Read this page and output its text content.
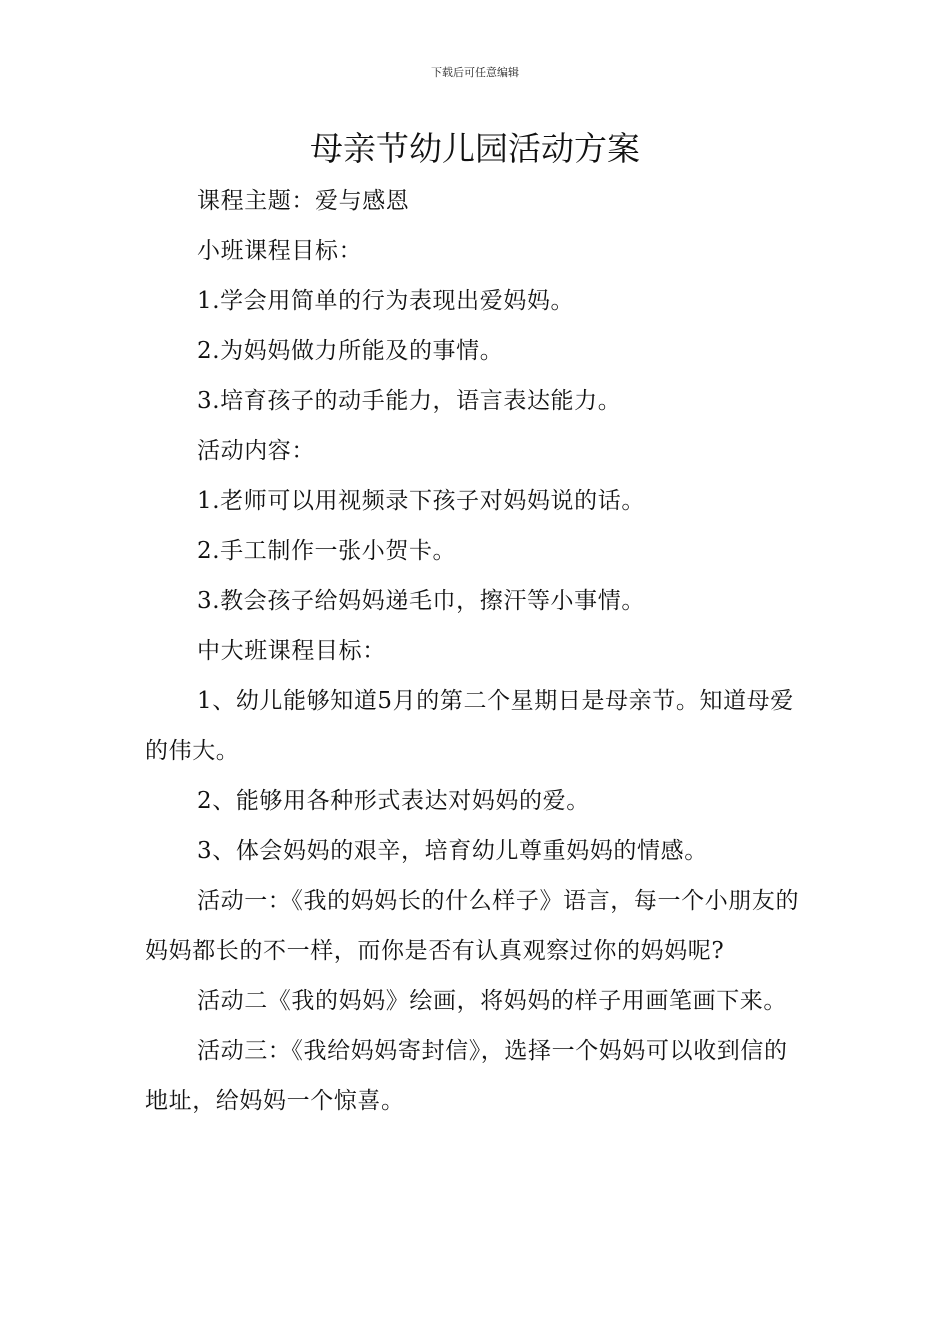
下载后可任意编辑
母亲节幼儿园活动方案

课程主题：爱与感恩

小班课程目标：

1.学会用简单的行为表现出爱妈妈。

2.为妈妈做力所能及的事情。

3.培育孩子的动手能力，语言表达能力。

活动内容：

1.老师可以用视频录下孩子对妈妈说的话。

2.手工制作一张小贺卡。

3.教会孩子给妈妈递毛巾，擦汗等小事情。

中大班课程目标：

1、幼儿能够知道5月的第二个星期日是母亲节。知道母爱的伟大。

2、能够用各种形式表达对妈妈的爱。

3、体会妈妈的艰辛，培育幼儿尊重妈妈的情感。

活动一：《我的妈妈长的什么样子》语言，每一个小朋友的妈妈都长的不一样，而你是否有认真观察过你的妈妈呢?

活动二《我的妈妈》绘画，将妈妈的样子用画笔画下来。

活动三：《我给妈妈寄封信》，选择一个妈妈可以收到信的地址，给妈妈一个惊喜。
